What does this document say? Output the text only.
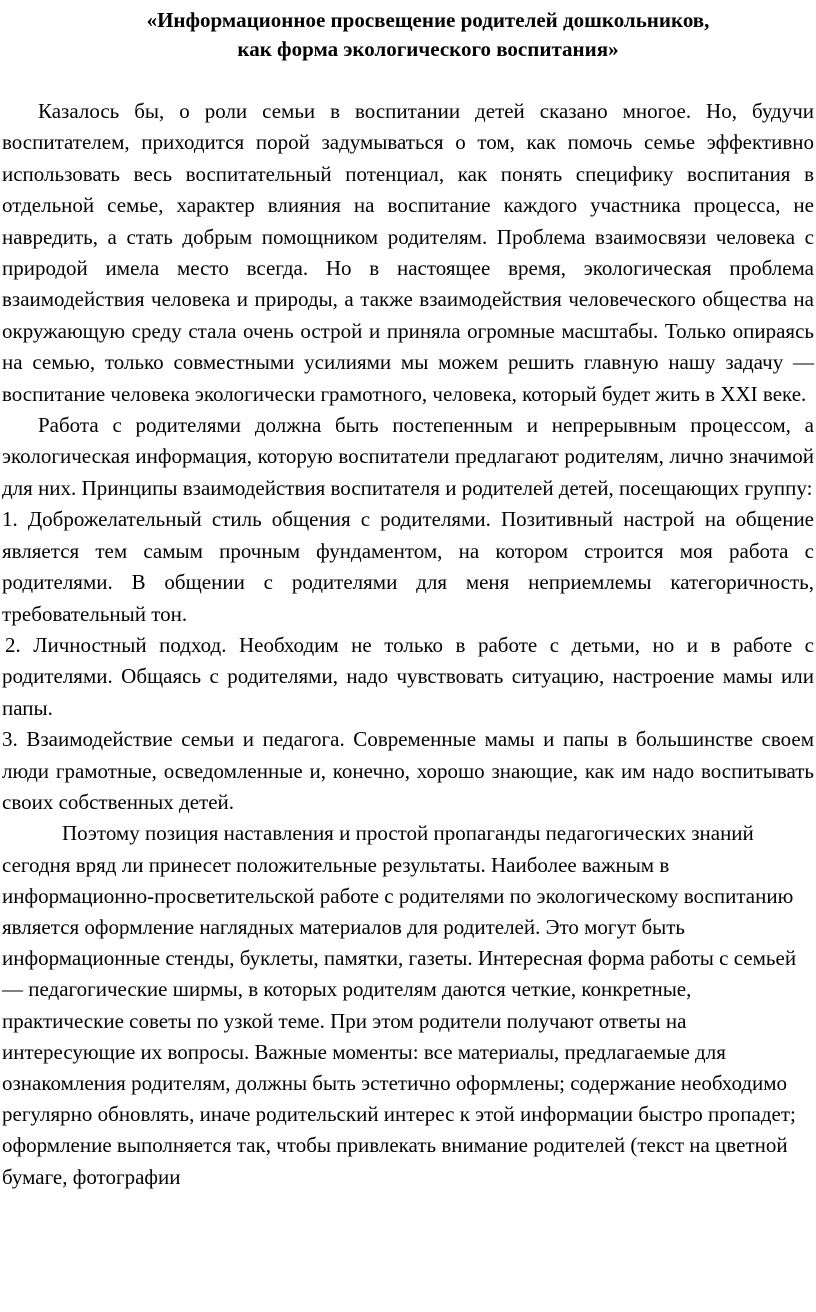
«Информационное просвещение родителей дошкольников,
как форма экологического воспитания»

Казалось бы, о роли семьи в воспитании детей сказано многое. Но, будучи воспитателем, приходится порой задумываться о том, как помочь семье эффективно использовать весь воспитательный потенциал, как понять специфику воспитания в отдельной семье, характер влияния на воспитание каждого участника процесса, не навредить, а стать добрым помощником родителям. Проблема взаимосвязи человека с природой имела место всегда. Но в настоящее время, экологическая проблема взаимодействия человека и природы, а также взаимодействия человеческого общества на окружающую среду стала очень острой и приняла огромные масштабы. Только опираясь на семью, только совместными усилиями мы можем решить главную нашу задачу — воспитание человека экологически грамотного, человека, который будет жить в XXI веке.

Работа с родителями должна быть постепенным и непрерывным процессом, а экологическая информация, которую воспитатели предлагают родителям, лично значимой для них. Принципы взаимодействия воспитателя и родителей детей, посещающих группу:

1. Доброжелательный стиль общения с родителями. Позитивный настрой на общение является тем самым прочным фундаментом, на котором строится моя работа с родителями. В общении с родителями для меня неприемлемы категоричность, требовательный тон.

2. Личностный подход. Необходим не только в работе с детьми, но и в работе с родителями. Общаясь с родителями, надо чувствовать ситуацию, настроение мамы или папы.

3. Взаимодействие семьи и педагога. Современные мамы и папы в большинстве своем люди грамотные, осведомленные и, конечно, хорошо знающие, как им надо воспитывать своих собственных детей.

Поэтому позиция наставления и простой пропаганды педагогических знаний сегодня вряд ли принесет положительные результаты. Наиболее важным в информационно-просветительской работе с родителями по экологическому воспитанию является оформление наглядных материалов для родителей. Это могут быть информационные стенды, буклеты, памятки, газеты. Интересная форма работы с семьей — педагогические ширмы, в которых родителям даются четкие, конкретные, практические советы по узкой теме. При этом родители получают ответы на интересующие их вопросы. Важные моменты: все материалы, предлагаемые для ознакомления родителям, должны быть эстетично оформлены; содержание необходимо регулярно обновлять, иначе родительский интерес к этой информации быстро пропадет; оформление выполняется так, чтобы привлекать внимание родителей (текст на цветной бумаге, фотографии
